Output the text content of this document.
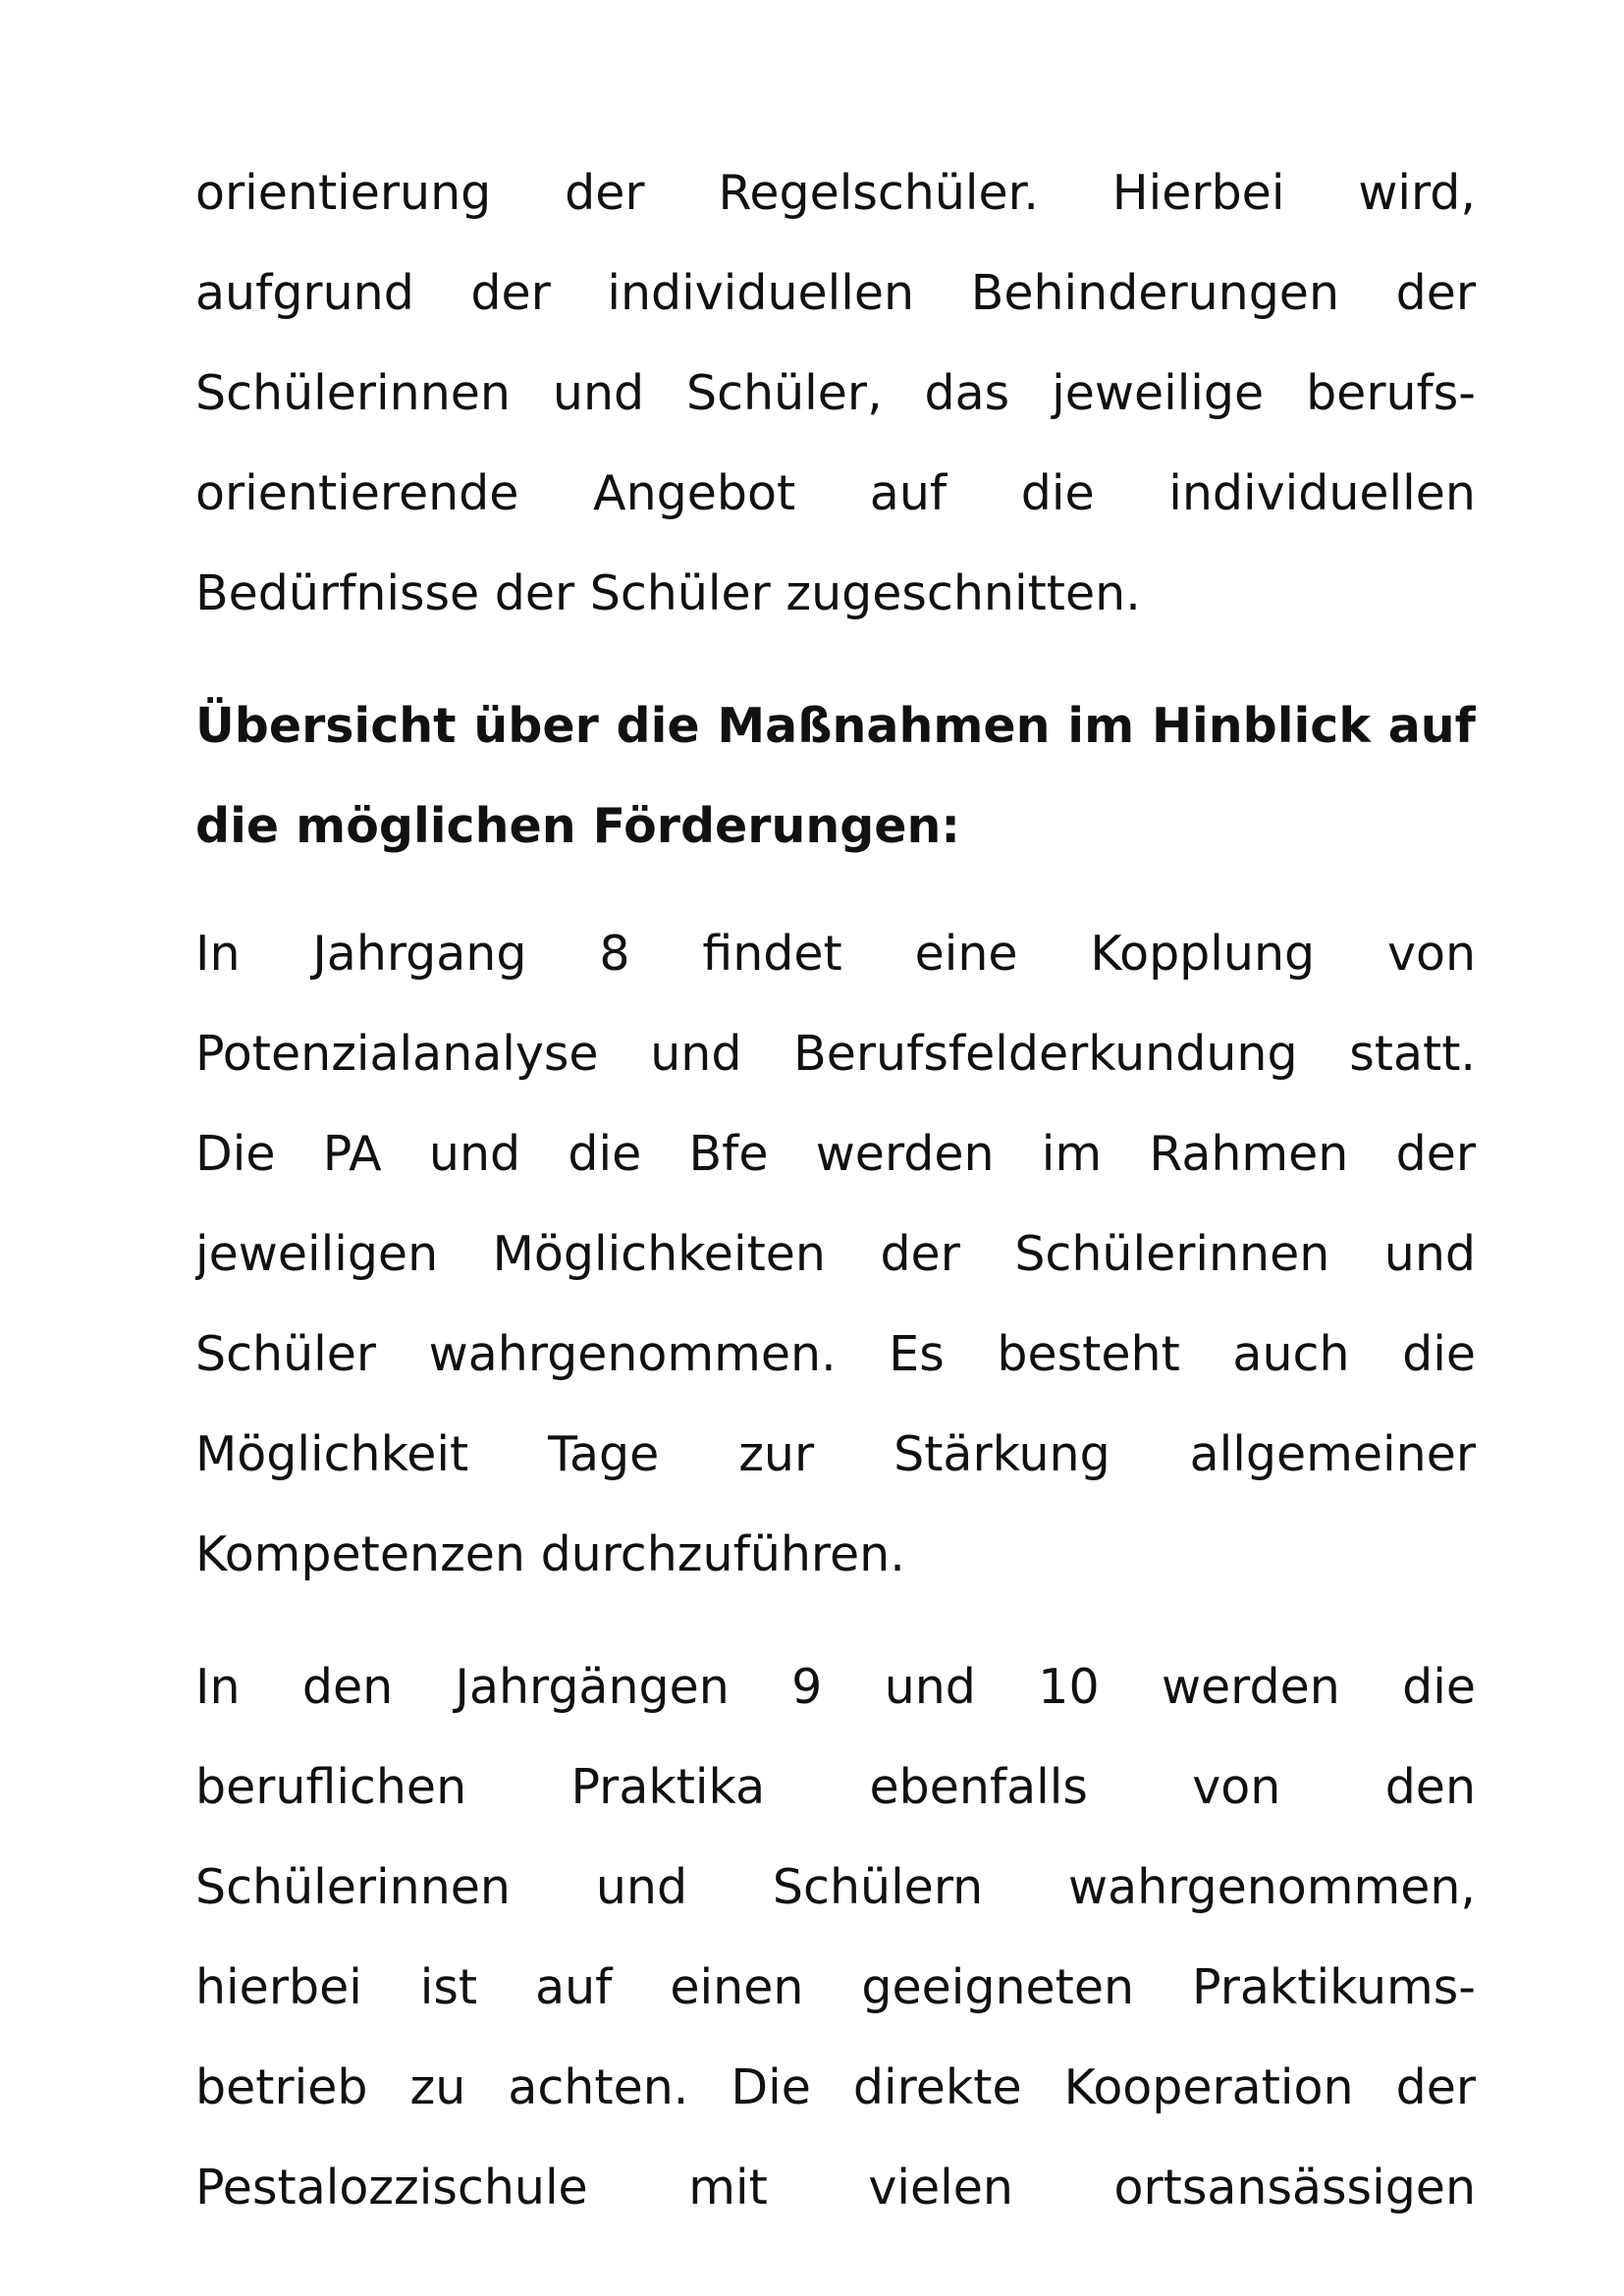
orientierung der Regelschüler. Hierbei wird,
aufgrund der individuellen Behinderungen der
Schülerinnen und Schüler, das jeweilige berufs-
orientierende Angebot auf die individuellen
Bedürfnisse der Schüler zugeschnitten.
Übersicht über die Maßnahmen im Hinblick auf
die möglichen Förderungen:
In Jahrgang 8 findet eine Kopplung von
Potenzialanalyse und Berufsfelderkundung statt.
Die PA und die Bfe werden im Rahmen der
jeweiligen Möglichkeiten der Schülerinnen und
Schüler wahrgenommen. Es besteht auch die
Möglichkeit Tage zur Stärkung allgemeiner
Kompetenzen durchzuführen.
In den Jahrgängen 9 und 10 werden die
beruflichen Praktika ebenfalls von den
Schülerinnen und Schülern wahrgenommen,
hierbei ist auf einen geeigneten Praktikums-
betrieb zu achten. Die direkte Kooperation der
Pestalozzischule mit vielen ortsansässigen
